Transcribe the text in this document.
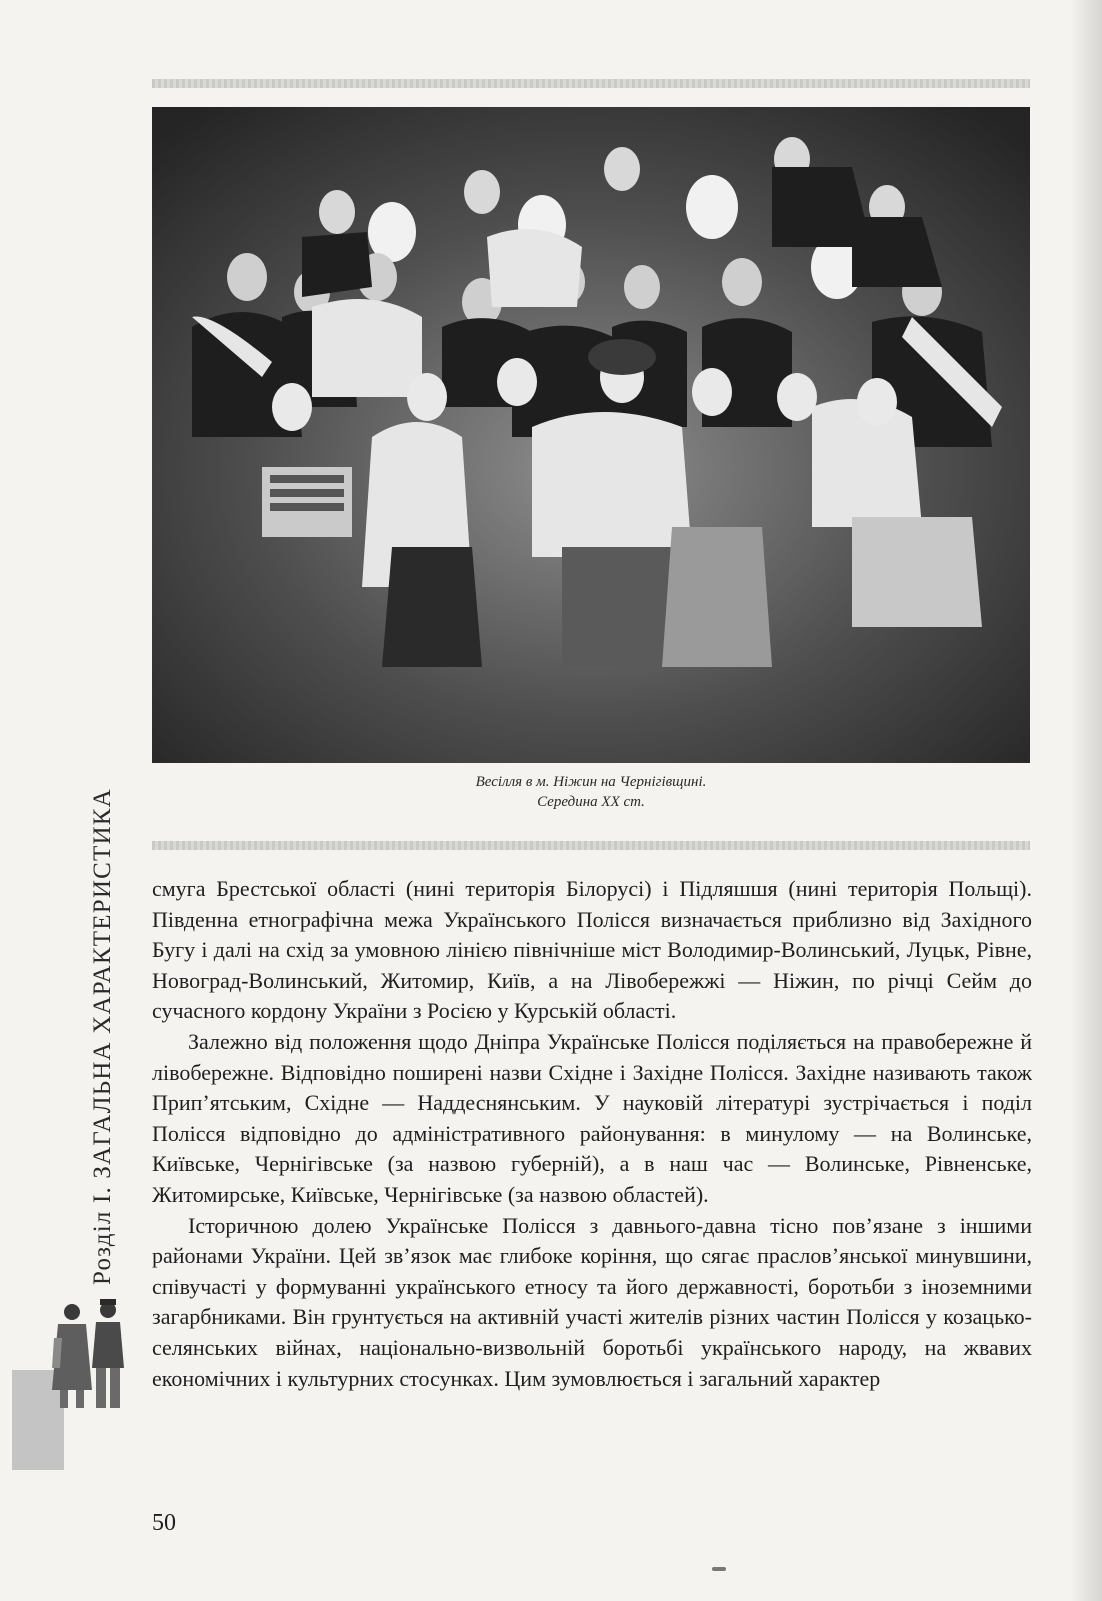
Весілля в м. Ніжин на Чернігівщині.
Середина XX ст.
Розділ I. ЗАГАЛЬНА ХАРАКТЕРИСТИКА смуга Брестської області (нині територія Білорусі) і Підляшшя (нині територія Польщі). Південна етнографічна межа Українського Полісся визначається приблизно від Західного Бугу і далі на схід за умовною лінією північніше міст Володимир-Волинський, Луцьк, Рівне, Новоград-Волинський, Житомир, Київ, а на Лівобережжі — Ніжин, по річці Сейм до сучасного кордону України з Росією у Курській області.

Залежно від положення щодо Дніпра Українське Полісся поділяється на правобережне й лівобережне. Відповідно поширені назви Східне і Західне Полісся. Західне називають також Прип’ятським, Східне — Наддеснянським. У науковій літературі зустрічається і поділ Полісся відповідно до адміністративного районування: в минулому — на Волинське, Київське, Чернігівське (за назвою губерній), а в наш час — Волинське, Рівненське, Житомирське, Київське, Чернігівське (за назвою областей).

Історичною долею Українське Полісся з давнього-давна тісно пов’язане з іншими районами України. Цей зв’язок має глибоке коріння, що сягає праслов’янської минувшини, співучасті у формуванні українського етносу та його державності, боротьби з іноземними загарбниками. Він грунтується на активній участі жителів різних частин Полісся у козацько-селянських війнах, національно-визвольній боротьбі українського народу, на жвавих економічних і культурних стосунках. Цим зумовлюється і загальний характер

50
